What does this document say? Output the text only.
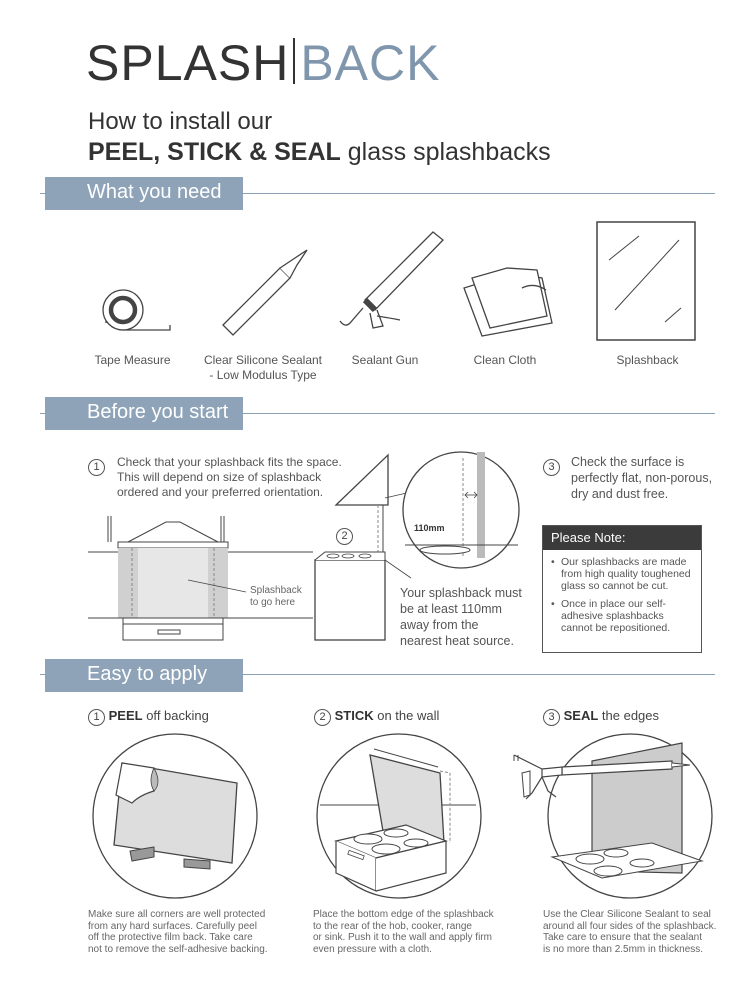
SPLASH BACK
How to install our
PEEL, STICK & SEAL glass splashbacks
What you need
Tape Measure	Clear Silicone Sealant
- Low Modulus Type
Sealant Gun	Clean Cloth	Splashback
Before you start
1	Check that your splashback fits the space.
This will depend on size of splashback
ordered and your preferred orientation.
Splashback
to go here
110mm
2
Your splashback must
be at least 110mm
away from the
nearest heat source.
3	Check the surface is
perfectly flat, non-porous,
dry and dust free.
Please Note:
• Our splashbacks are made
from high quality toughened
glass so cannot be cut.
• Once in place our self-
adhesive splashbacks
cannot be repositioned.
Easy to apply
1 PEEL off backing
Make sure all corners are well protected
from any hard surfaces. Carefully peel
off the protective film back. Take care
not to remove the self-adhesive backing.
2 STICK on the wall
Place the bottom edge of the splashback
to the rear of the hob, cooker, range
or sink. Push it to the wall and apply firm
even pressure with a cloth.
3 SEAL the edges
Use the Clear Silicone Sealant to seal
around all four sides of the splashback.
Take care to ensure that the sealant
is no more than 2.5mm in thickness.
